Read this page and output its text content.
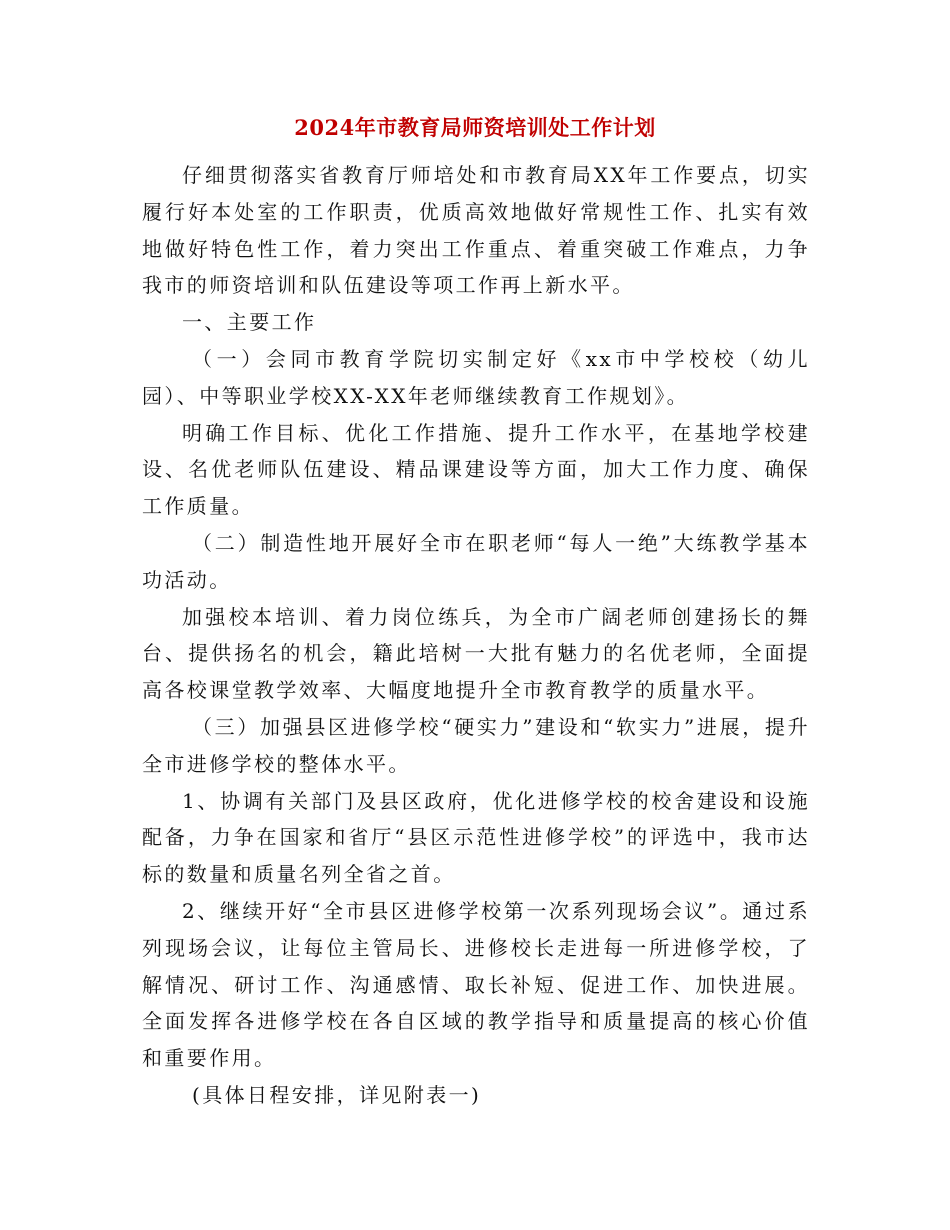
2024年市教育局师资培训处工作计划

仔细贯彻落实省教育厅师培处和市教育局XX年工作要点，切实履行好本处室的工作职责，优质高效地做好常规性工作、扎实有效地做好特色性工作，着力突出工作重点、着重突破工作难点，力争我市的师资培训和队伍建设等项工作再上新水平。

一、主要工作

（一）会同市教育学院切实制定好《xx市中学校校（幼儿园）、中等职业学校XX-XX年老师继续教育工作规划》。

明确工作目标、优化工作措施、提升工作水平，在基地学校建设、名优老师队伍建设、精品课建设等方面，加大工作力度、确保工作质量。

（二）制造性地开展好全市在职老师“每人一绝”大练教学基本功活动。

加强校本培训、着力岗位练兵，为全市广阔老师创建扬长的舞台、提供扬名的机会，籍此培树一大批有魅力的名优老师，全面提高各校课堂教学效率、大幅度地提升全市教育教学的质量水平。

（三）加强县区进修学校“硬实力”建设和“软实力”进展，提升全市进修学校的整体水平。

1、协调有关部门及县区政府，优化进修学校的校舍建设和设施配备，力争在国家和省厅“县区示范性进修学校”的评选中，我市达标的数量和质量名列全省之首。

2、继续开好“全市县区进修学校第一次系列现场会议”。通过系列现场会议，让每位主管局长、进修校长走进每一所进修学校，了解情况、研讨工作、沟通感情、取长补短、促进工作、加快进展。全面发挥各进修学校在各自区域的教学指导和质量提高的核心价值和重要作用。

(具体日程安排，详见附表一)
